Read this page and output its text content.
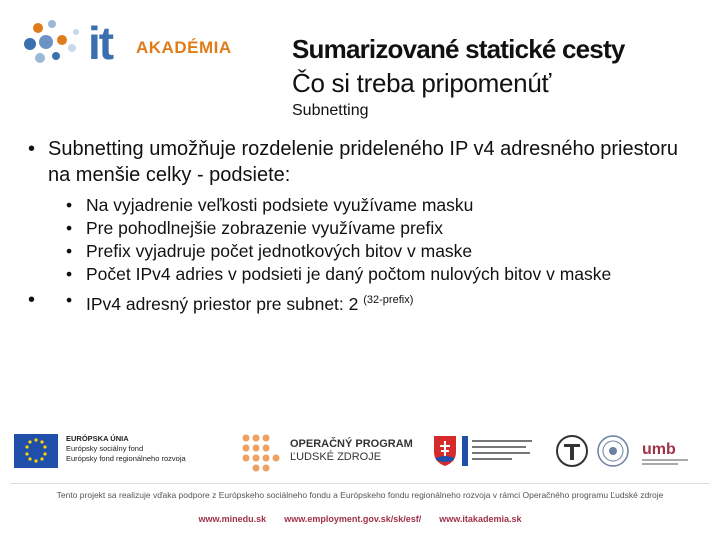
it AKADÉMIA Sumarizované statické cesty
Čo si treba pripomenúť
Subnetting
• Subnetting umožňuje rozdelenie prideleného IP v4 adresného priestoru na menšie celky - podsiete:
• Na vyjadrenie veľkosti podsiete využívame masku
• Pre pohodlnejšie zobrazenie využívame prefix
• Prefix vyjadruje počet jednotkových bitov v maske
• Počet IPv4 adries v podsieti je daný počtom nulových bitov v maske
• • IPv4 adresný priestor pre subnet: 2 $^{(32-prefix)}$
EURÓPSKA ÚNIA
Európsky sociálny fond
Európsky fond regionálneho rozvoja
OPERAČNÝ PROGRAM
ĽUDSKÉ ZDROJE	umb
Tento projekt sa realizuje vďaka podpore z Európskeho sociálneho fondu a Európskeho fondu regionálneho rozvoja v rámci Operačného programu Ľudské zdroje
www.minedu.sk www.employment.gov.sk/sk/esf/ www.itakademia.sk
